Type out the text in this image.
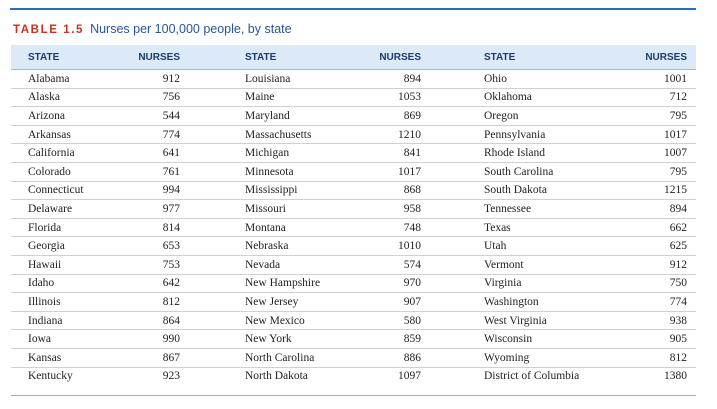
TABLE 1.5 Nurses per 100,000 people, by state
STATE	NURSES	STATE	NURSES	STATE	NURSES
Alabama	912	Louisiana	894	Ohio	1001
Alaska	756	Maine	1053	Oklahoma	712
Arizona	544	Maryland	869	Oregon	795
Arkansas	774	Massachusetts	1210	Pennsylvania	1017
California	641	Michigan	841	Rhode Island	1007
Colorado	761	Minnesota	1017	South Carolina	795
Connecticut	994	Mississippi	868	South Dakota	1215
Delaware	977	Missouri	958	Tennessee	894
Florida	814	Montana	748	Texas	662
Georgia	653	Nebraska	1010	Utah	625
Hawaii	753	Nevada	574	Vermont	912
Idaho	642	New Hampshire	970	Virginia	750
Illinois	812	New Jersey	907	Washington	774
Indiana	864	New Mexico	580	West Virginia	938
Iowa	990	New York	859	Wisconsin	905
Kansas	867	North Carolina	886	Wyoming	812
Kentucky	923	North Dakota	1097	District of Columbia	1380
